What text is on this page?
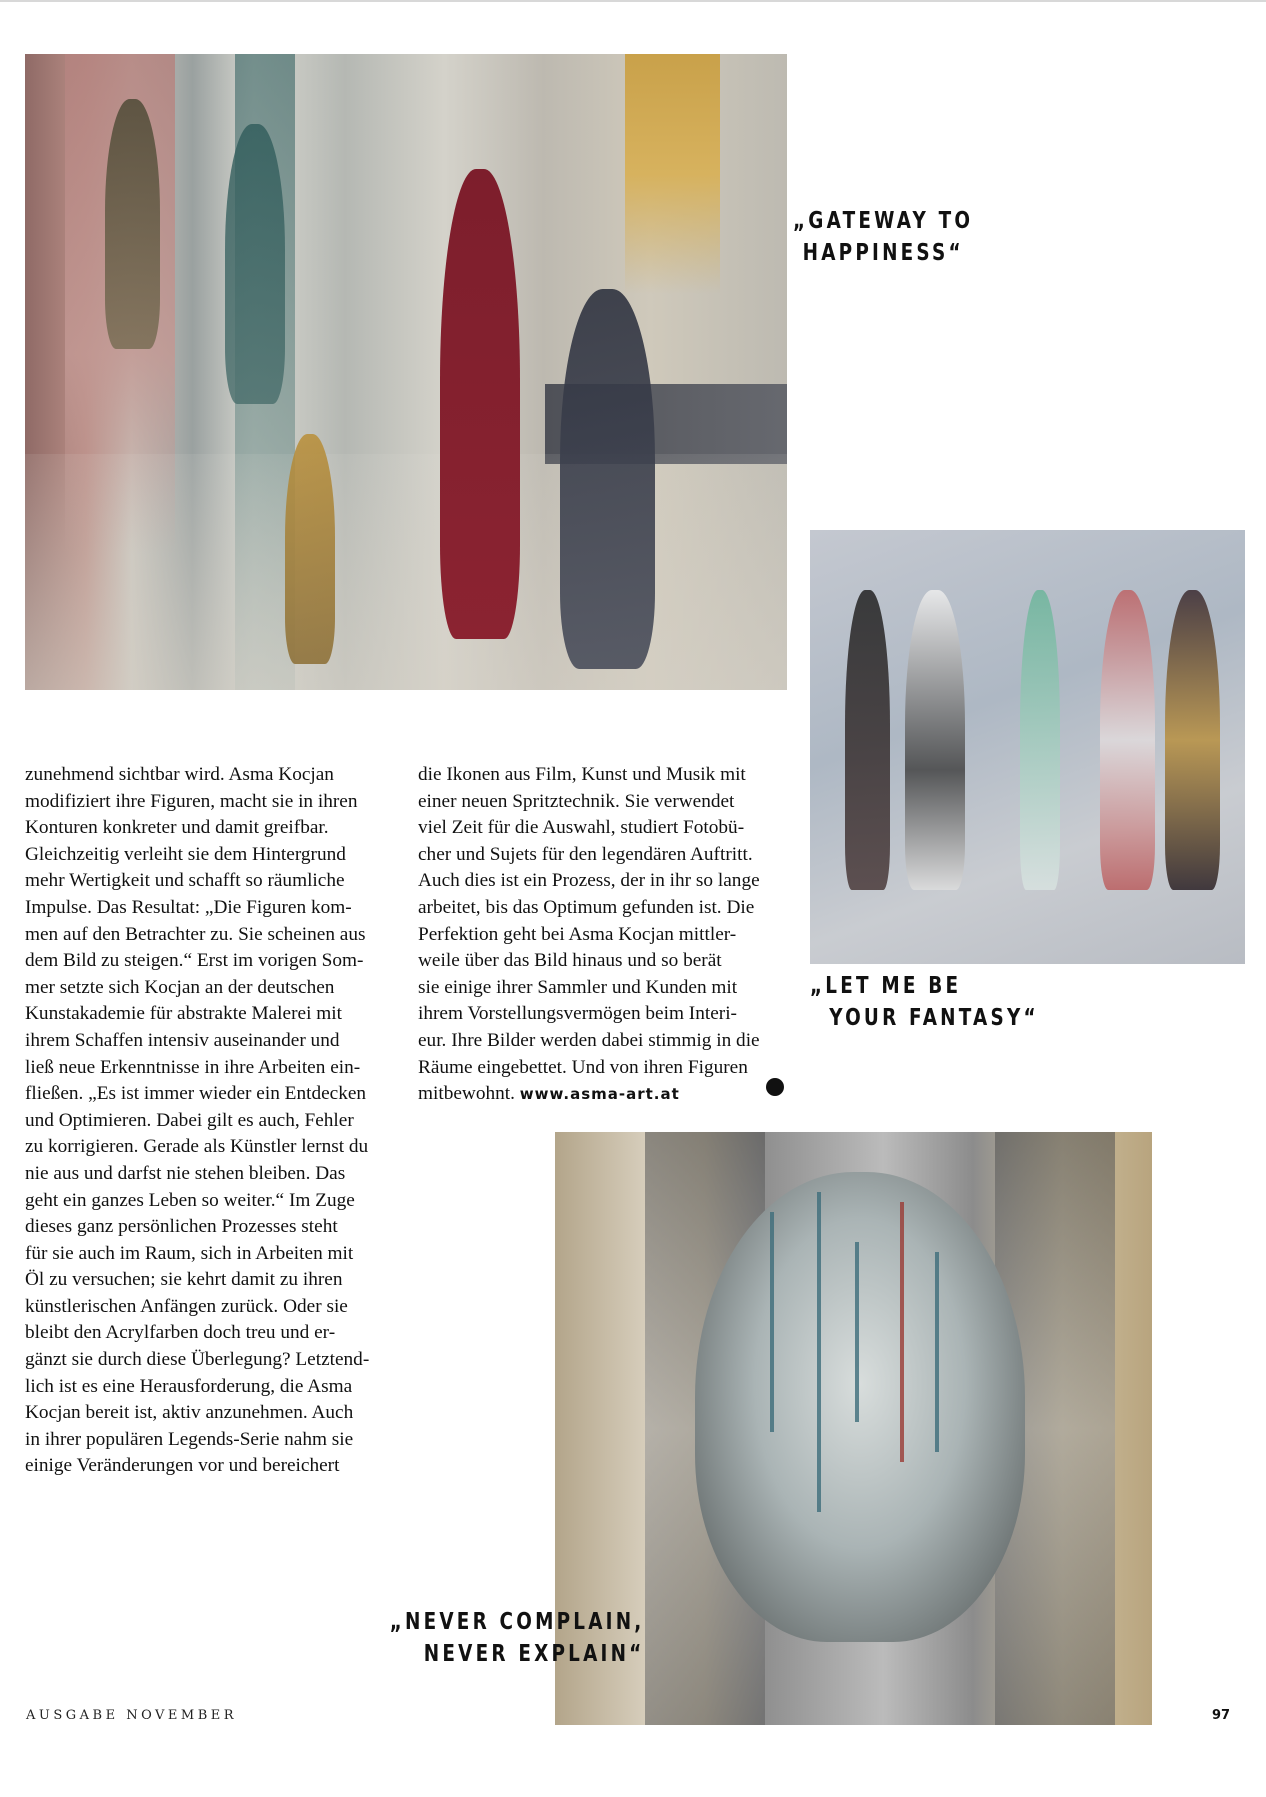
„GATEWAY TO
HAPPINESS“
„LET ME BE
YOUR FANTASY“
zunehmend sichtbar wird. Asma Kocjan
modifiziert ihre Figuren, macht sie in ihren
Konturen konkreter und damit greifbar.
Gleichzeitig verleiht sie dem Hintergrund
mehr Wertigkeit und schafft so räumliche
Impulse. Das Resultat: „Die Figuren kom-
men auf den Betrachter zu. Sie scheinen aus
dem Bild zu steigen.“ Erst im vorigen Som-
mer setzte sich Kocjan an der deutschen
Kunstakademie für abstrakte Malerei mit
ihrem Schaffen intensiv auseinander und
ließ neue Erkenntnisse in ihre Arbeiten ein-
fließen. „Es ist immer wieder ein Entdecken
und Optimieren. Dabei gilt es auch, Fehler
zu korrigieren. Gerade als Künstler lernst du
nie aus und darfst nie stehen bleiben. Das
geht ein ganzes Leben so weiter.“ Im Zuge
dieses ganz persönlichen Prozesses steht
für sie auch im Raum, sich in Arbeiten mit
Öl zu versuchen; sie kehrt damit zu ihren
künstlerischen Anfängen zurück. Oder sie
bleibt den Acrylfarben doch treu und er-
gänzt sie durch diese Überlegung? Letztend-
lich ist es eine Herausforderung, die Asma
Kocjan bereit ist, aktiv anzunehmen. Auch
in ihrer populären Legends-Serie nahm sie
einige Veränderungen vor und bereichert
die Ikonen aus Film, Kunst und Musik mit
einer neuen Spritztechnik. Sie verwendet
viel Zeit für die Auswahl, studiert Fotobü-
cher und Sujets für den legendären Auftritt.
Auch dies ist ein Prozess, der in ihr so lange
arbeitet, bis das Optimum gefunden ist. Die
Perfektion geht bei Asma Kocjan mittler-
weile über das Bild hinaus und so berät
sie einige ihrer Sammler und Kunden mit
ihrem Vorstellungsvermögen beim Interi-
eur. Ihre Bilder werden dabei stimmig in die
Räume eingebettet. Und von ihren Figuren
mitbewohnt. www.asma-art.at
„NEVER COMPLAIN,
NEVER EXPLAIN“
AUSGABE NOVEMBER	97
